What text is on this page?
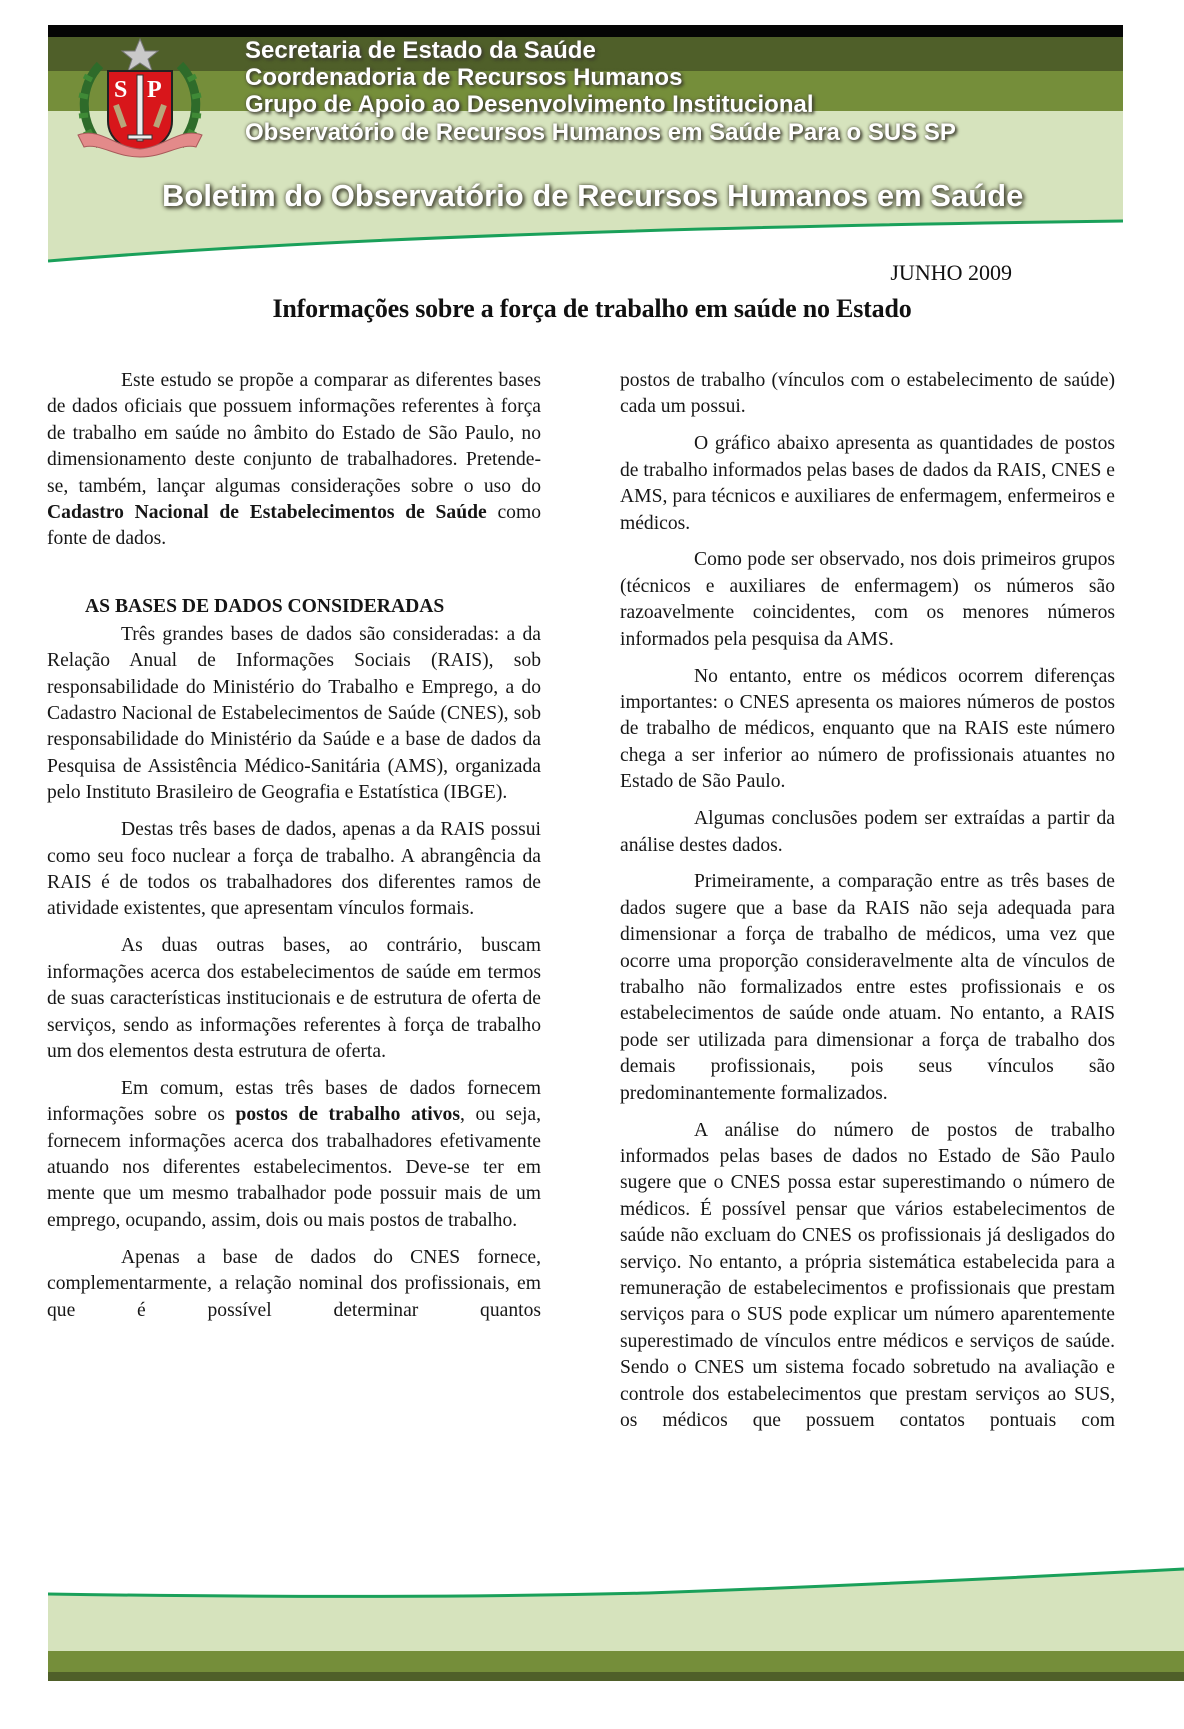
S P
Secretaria de Estado da Saúde
Coordenadoria de Recursos Humanos
Grupo de Apoio ao Desenvolvimento Institucional
Observatório de Recursos Humanos em Saúde Para o SUS SP
Boletim do Observatório de Recursos Humanos em Saúde
JUNHO 2009
Informações sobre a força de trabalho em saúde no Estado

Este estudo se propõe a comparar as diferentes bases de dados oficiais que possuem informações referentes à força de trabalho em saúde no âmbito do Estado de São Paulo, no dimensionamento deste conjunto de trabalhadores. Pretende-se, também, lançar algumas considerações sobre o uso do Cadastro Nacional de Estabelecimentos de Saúde como fonte de dados.

AS BASES DE DADOS CONSIDERADAS

Três grandes bases de dados são consideradas: a da Relação Anual de Informações Sociais (RAIS), sob responsabilidade do Ministério do Trabalho e Emprego, a do Cadastro Nacional de Estabelecimentos de Saúde (CNES), sob responsabilidade do Ministério da Saúde e a base de dados da Pesquisa de Assistência Médico-Sanitária (AMS), organizada pelo Instituto Brasileiro de Geografia e Estatística (IBGE).

Destas três bases de dados, apenas a da RAIS possui como seu foco nuclear a força de trabalho. A abrangência da RAIS é de todos os trabalhadores dos diferentes ramos de atividade existentes, que apresentam vínculos formais.

As duas outras bases, ao contrário, buscam informações acerca dos estabelecimentos de saúde em termos de suas características institucionais e de estrutura de oferta de serviços, sendo as informações referentes à força de trabalho um dos elementos desta estrutura de oferta.

Em comum, estas três bases de dados fornecem informações sobre os postos de trabalho ativos, ou seja, fornecem informações acerca dos trabalhadores efetivamente atuando nos diferentes estabelecimentos. Deve-se ter em mente que um mesmo trabalhador pode possuir mais de um emprego, ocupando, assim, dois ou mais postos de trabalho.

Apenas a base de dados do CNES fornece, complementarmente, a relação nominal dos profissionais, em que é possível determinar quantos

postos de trabalho (vínculos com o estabelecimento de saúde) cada um possui.

O gráfico abaixo apresenta as quantidades de postos de trabalho informados pelas bases de dados da RAIS, CNES e AMS, para técnicos e auxiliares de enfermagem, enfermeiros e médicos.

Como pode ser observado, nos dois primeiros grupos (técnicos e auxiliares de enfermagem) os números são razoavelmente coincidentes, com os menores números informados pela pesquisa da AMS.

No entanto, entre os médicos ocorrem diferenças importantes: o CNES apresenta os maiores números de postos de trabalho de médicos, enquanto que na RAIS este número chega a ser inferior ao número de profissionais atuantes no Estado de São Paulo.

Algumas conclusões podem ser extraídas a partir da análise destes dados.

Primeiramente, a comparação entre as três bases de dados sugere que a base da RAIS não seja adequada para dimensionar a força de trabalho de médicos, uma vez que ocorre uma proporção consideravelmente alta de vínculos de trabalho não formalizados entre estes profissionais e os estabelecimentos de saúde onde atuam. No entanto, a RAIS pode ser utilizada para dimensionar a força de trabalho dos demais profissionais, pois seus vínculos são predominantemente formalizados.

A análise do número de postos de trabalho informados pelas bases de dados no Estado de São Paulo sugere que o CNES possa estar superestimando o número de médicos. É possível pensar que vários estabelecimentos de saúde não excluam do CNES os profissionais já desligados do serviço. No entanto, a própria sistemática estabelecida para a remuneração de estabelecimentos e profissionais que prestam serviços para o SUS pode explicar um número aparentemente superestimado de vínculos entre médicos e serviços de saúde. Sendo o CNES um sistema focado sobretudo na avaliação e controle dos estabelecimentos que prestam serviços ao SUS, os médicos que possuem contatos pontuais com
